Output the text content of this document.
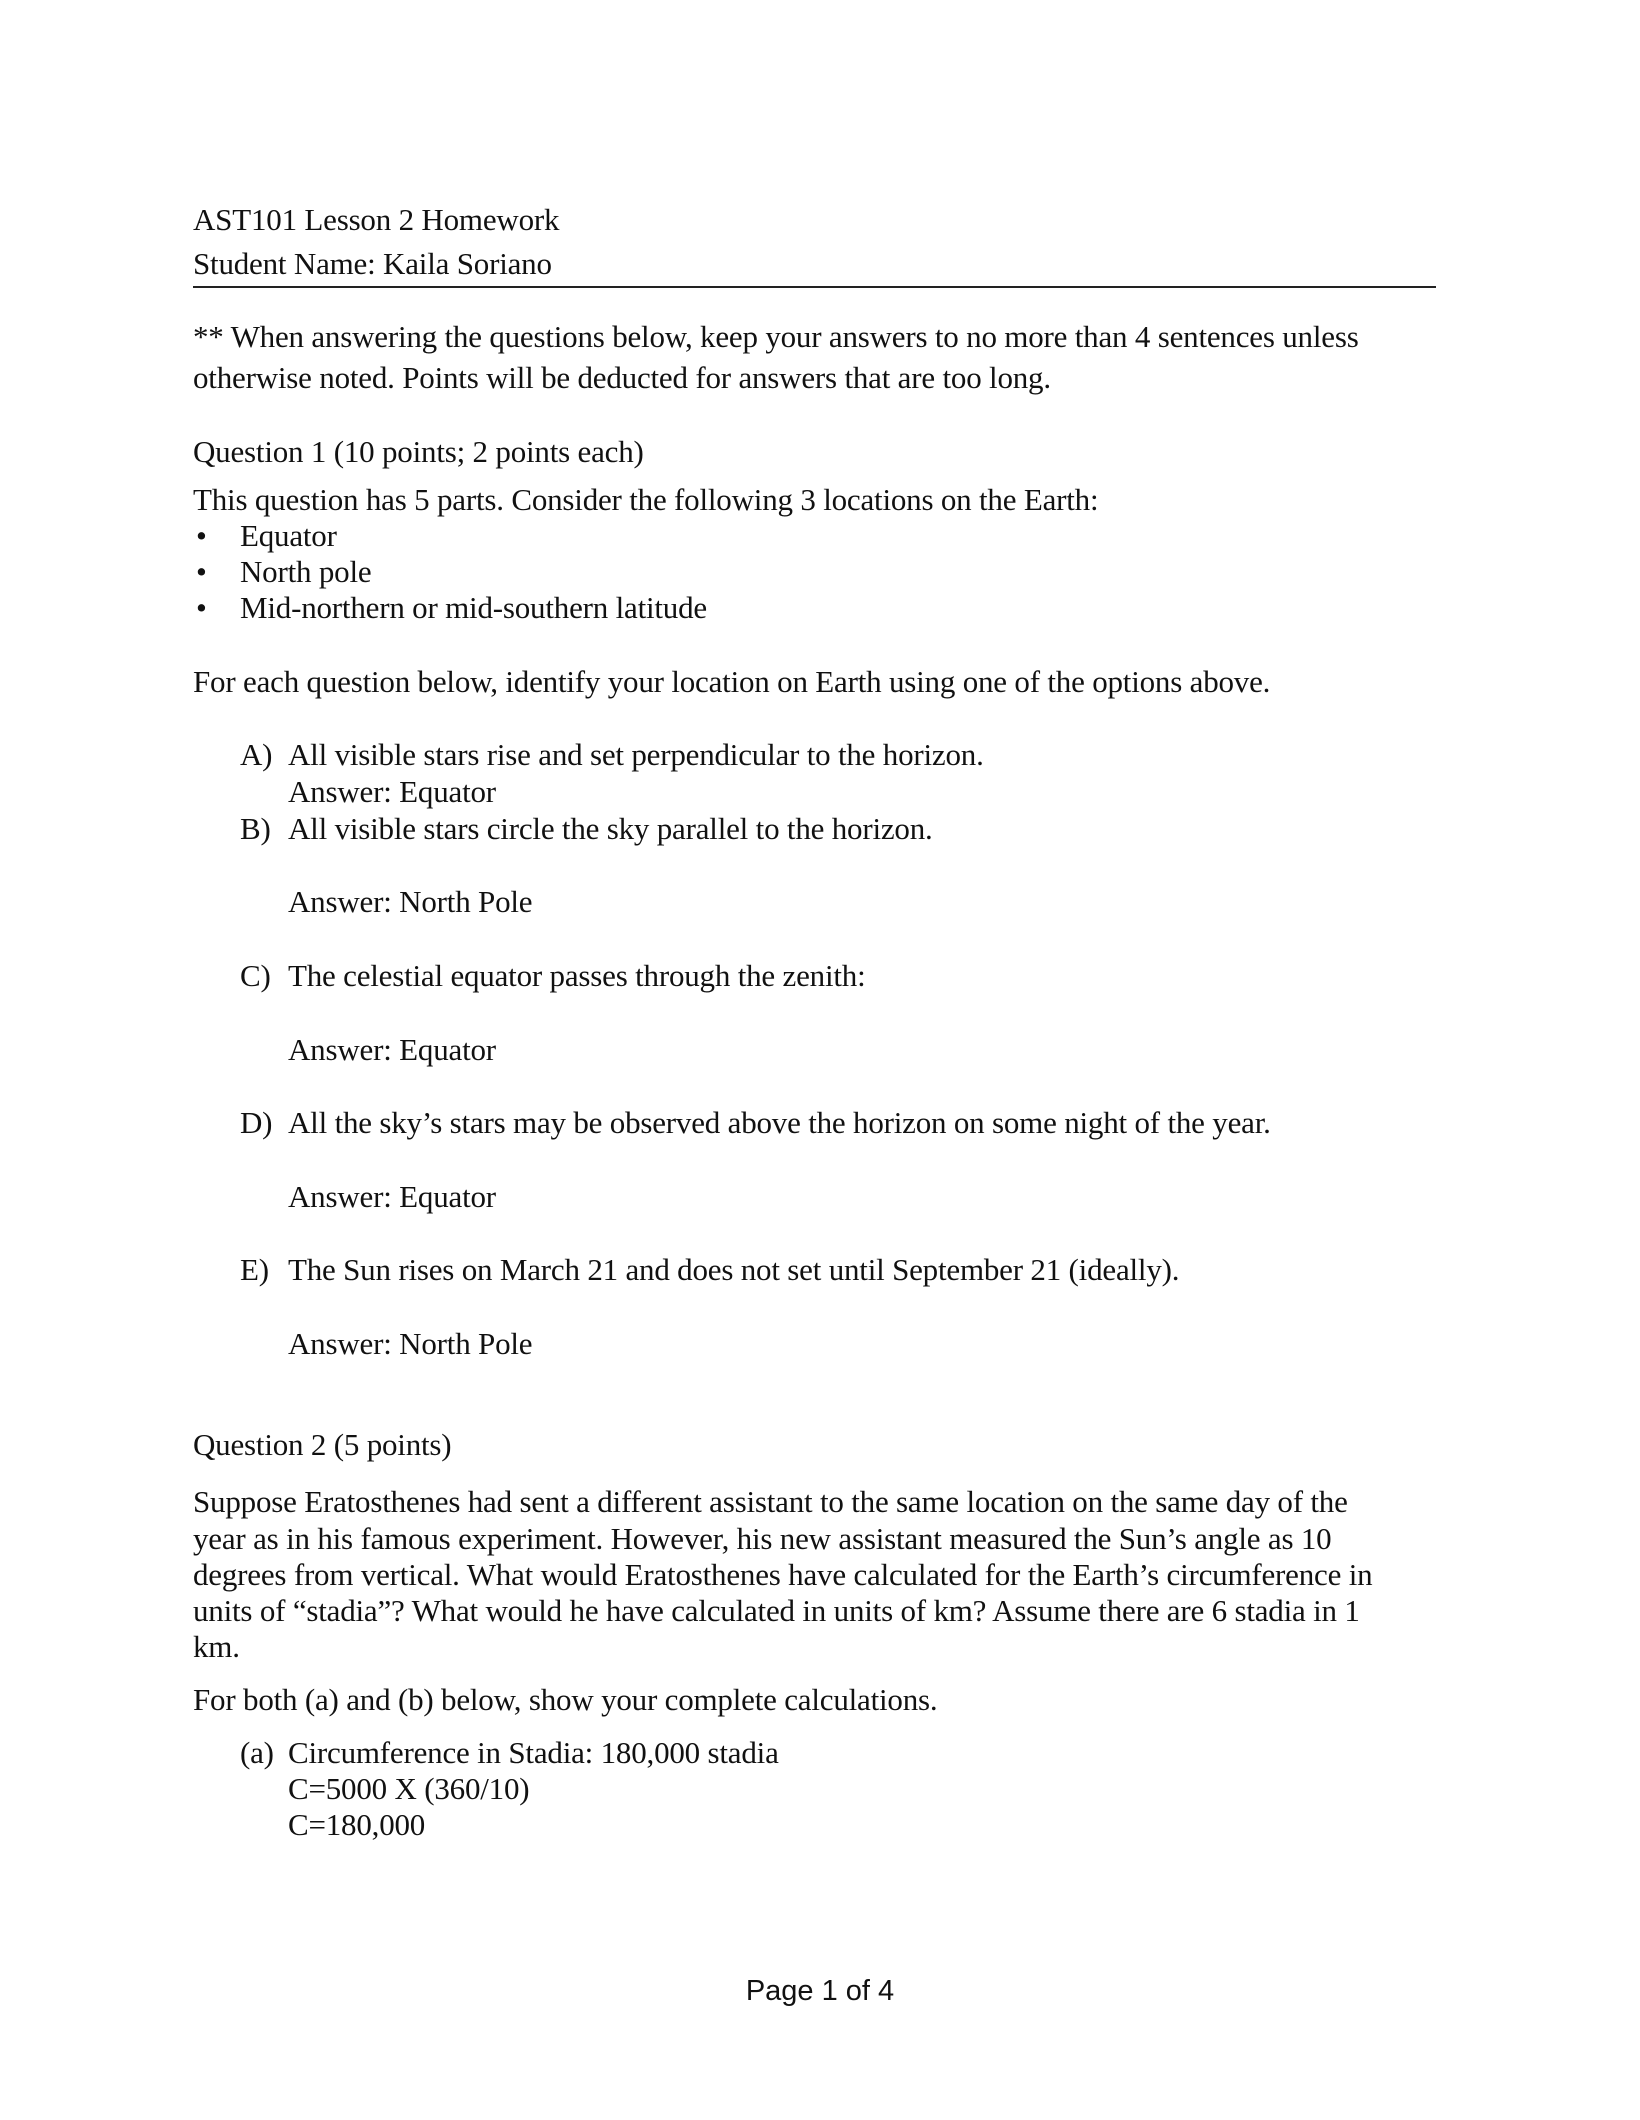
AST101 Lesson 2 Homework
Student Name: Kaila Soriano
** When answering the questions below, keep your answers to no more than 4 sentences unless
otherwise noted. Points will be deducted for answers that are too long.
Question 1 (10 points; 2 points each)
This question has 5 parts. Consider the following 3 locations on the Earth:
• Equator
• North pole
• Mid-northern or mid-southern latitude
For each question below, identify your location on Earth using one of the options above.
A) All visible stars rise and set perpendicular to the horizon.
Answer: Equator
B) All visible stars circle the sky parallel to the horizon.
Answer: North Pole
C) The celestial equator passes through the zenith:
Answer: Equator
D) All the sky’s stars may be observed above the horizon on some night of the year.
Answer: Equator
E) The Sun rises on March 21 and does not set until September 21 (ideally).
Answer: North Pole
Question 2 (5 points)
Suppose Eratosthenes had sent a different assistant to the same location on the same day of the
year as in his famous experiment. However, his new assistant measured the Sun’s angle as 10
degrees from vertical. What would Eratosthenes have calculated for the Earth’s circumference in
units of “stadia”? What would he have calculated in units of km? Assume there are 6 stadia in 1
km.
For both (a) and (b) below, show your complete calculations.
(a) Circumference in Stadia: 180,000 stadia
C=5000 X (360/10)
C=180,000
Page 1 of 4
